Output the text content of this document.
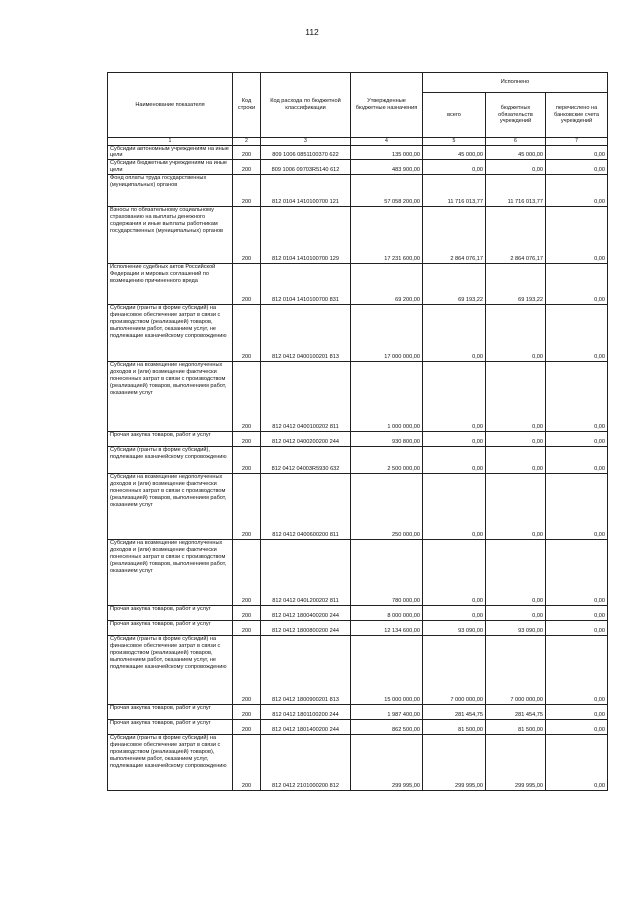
112
Наименование показателя	Код строки	Код расхода по бюджетной классификации	Утвержденные бюджетные назначения	Исполнено		
				всего	бюджетных обязательств учреждений	перечислено на банковские счета учреждений
1	2	3	4	5	6	7
Субсидии автономным учреждениям на иные цели	200	809 1006 0851100370 622	135 000,00	45 000,00	45 000,00	0,00
Субсидии бюджетным учреждениям на иные цели	200	809 1006 09703R5140 612	483 900,00	0,00	0,00	0,00
Фонд оплаты труда государственных (муниципальных) органов	200	812 0104 1410100700 121	57 058 200,00	11 716 013,77	11 716 013,77	0,00
Взносы по обязательному социальному страхованию на выплаты денежного содержания и иные выплаты работникам государственных (муниципальных) органов	200	812 0104 1410100700 129	17 231 600,00	2 864 076,17	2 864 076,17	0,00
Исполнение судебных актов Российской Федерации и мировых соглашений по возмещению причиненного вреда	200	812 0104 1410100700 831	69 200,00	69 193,22	69 193,22	0,00
Субсидии (гранты в форме субсидий) на финансовое обеспечение затрат в связи с производством (реализацией) товаров, выполнением работ, оказанием услуг, не подлежащие казначейскому сопровождению	200	812 0412 0400100201 813	17 000 000,00	0,00	0,00	0,00
Субсидии на возмещение недополученных доходов и (или) возмещение фактически понесенных затрат в связи с производством (реализацией) товаров, выполнением работ, оказанием услуг	200	812 0412 0400100202 811	1 000 000,00	0,00	0,00	0,00
Прочая закупка товаров, работ и услуг	200	812 0412 0400200200 244	930 800,00	0,00	0,00	0,00
Субсидии (гранты в форме субсидий), подлежащие казначейскому сопровождению	200	812 0412 04003R5930 632	2 500 000,00	0,00	0,00	0,00
Субсидии на возмещение недополученных доходов и (или) возмещение фактически понесенных затрат в связи с производством (реализацией) товаров, выполнением работ, оказанием услуг	200	812 0412 0400600200 811	250 000,00	0,00	0,00	0,00
Субсидии на возмещение недополученных доходов и (или) возмещение фактически понесенных затрат в связи с производством (реализацией) товаров, выполнением работ, оказанием услуг	200	812 0412 040L200202 811	780 000,00	0,00	0,00	0,00
Прочая закупка товаров, работ и услуг	200	812 0412 1800400200 244	8 000 000,00	0,00	0,00	0,00
Прочая закупка товаров, работ и услуг	200	812 0412 1800800200 244	12 134 600,00	93 090,00	93 090,00	0,00
Субсидии (гранты в форме субсидий) на финансовое обеспечение затрат в связи с производством (реализацией) товаров, выполнением работ, оказанием услуг, не подлежащие казначейскому сопровождению	200	812 0412 1800900201 813	15 000 000,00	7 000 000,00	7 000 000,00	0,00
Прочая закупка товаров, работ и услуг	200	812 0412 1801100200 244	1 987 400,00	281 454,75	281 454,75	0,00
Прочая закупка товаров, работ и услуг	200	812 0412 1801400200 244	862 500,00	81 500,00	81 500,00	0,00
Субсидии (гранты в форме субсидий) на финансовое обеспечение затрат в связи с производством (реализацией) товаров), выполнением работ, оказанием услуг, подлежащие казначейскому сопровождению	200	812 0412 2101000200 812	299 995,00	299 995,00	299 995,00	0,00
